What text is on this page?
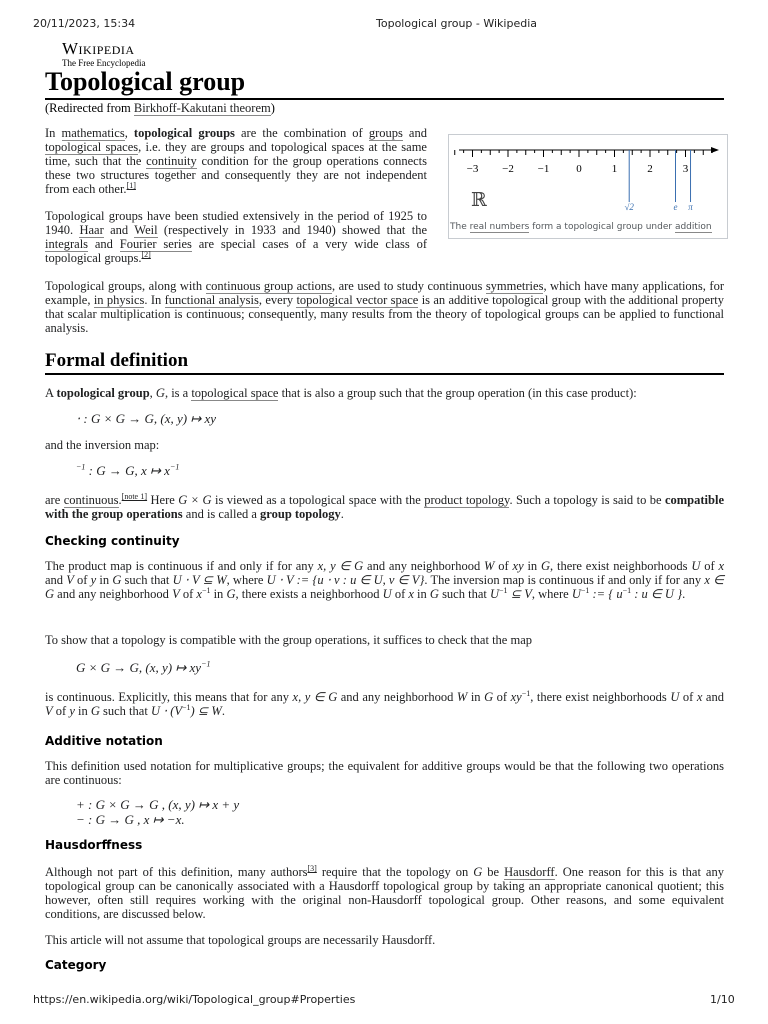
20/11/2023, 15:34	Topological group - Wikipedia
Wikipedia
The Free Encyclopedia
Topological group
(Redirected from Birkhoff-Kakutani theorem)
−3 −2 −1 0	1	2	3
√2	e π
ℝ
The real numbers form a topological group under addition

In mathematics, topological groups are the combination of groups and topological spaces, i.e. they are groups and topological spaces at the same time, such that the continuity condition for the group operations connects these two structures together and consequently they are not independent from each other.[1]

Topological groups have been studied extensively in the period of 1925 to 1940. Haar and Weil (respectively in 1933 and 1940) showed that the integrals and Fourier series are special cases of a very wide class of topological groups.[2]

Topological groups, along with continuous group actions, are used to study continuous symmetries, which have many applications, for example, in physics. In functional analysis, every topological vector space is an additive topological group with the additional property that scalar multiplication is continuous; consequently, many results from the theory of topological groups can be applied to functional analysis.

Formal definition

A topological group, G, is a topological space that is also a group such that the group operation (in this case product):

⋅ : G × G → G, (x, y) ↦ xy

and the inversion map:

$^{-1}$ : G → G, x ↦ $x^{-1}$

are continuous.[note 1] Here G × G is viewed as a topological space with the product topology. Such a topology is said to be compatible with the group operations and is called a group topology.

Checking continuity

The product map is continuous if and only if for any x, y ∈ G and any neighborhood W of xy in G, there exist neighborhoods U of x and V of y in G such that U ⋅ V ⊆ W, where U ⋅ V := {u ⋅ v : u ∈ U, v ∈ V}. The inversion map is continuous if and only if for any x ∈ G and any neighborhood V of $x^{-1}$ in G, there exists a neighborhood U of x in G such that $U^{-1}$ ⊆ V, where $U^{-1}$ := { $u^{-1}$ : u ∈ U }.

To show that a topology is compatible with the group operations, it suffices to check that the map

G × G → G, (x, y) ↦ $xy^{-1}$

is continuous. Explicitly, this means that for any x, y ∈ G and any neighborhood W in G of $xy^{-1}$, there exist neighborhoods U of x and V of y in G such that $U \cdot (V^{-1})$ ⊆ W.

Additive notation

This definition used notation for multiplicative groups; the equivalent for additive groups would be that the following two operations are continuous:

+ : G × G → G , (x, y) ↦ x + y
− : G → G , x ↦ −x.
Hausdorffness

Although not part of this definition, many authors[3] require that the topology on G be Hausdorff. One reason for this is that any topological group can be canonically associated with a Hausdorff topological group by taking an appropriate canonical quotient; this however, often still requires working with the original non-Hausdorff topological group. Other reasons, and some equivalent conditions, are discussed below.

This article will not assume that topological groups are necessarily Hausdorff.

Category
https://en.wikipedia.org/wiki/Topological_group#Properties	1/10
